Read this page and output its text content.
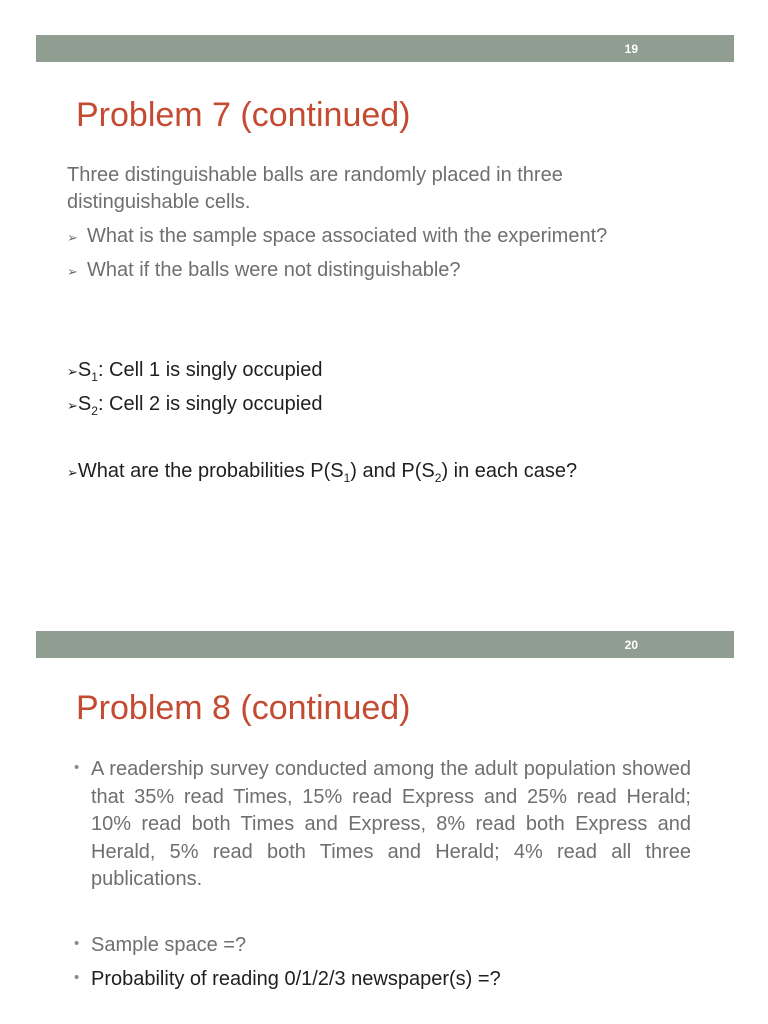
19
Problem 7 (continued)
Three distinguishable balls are randomly placed in three
distinguishable cells.
➢ What is the sample space associated with the experiment?
➢ What if the balls were not distinguishable?
$➢S_1$: Cell 1 is singly occupied
$➢S_2$: Cell 2 is singly occupied
➢What are the probabilities $P(S_1)$ and $P(S_2)$ in each case?
20
Problem 8 (continued)
• A readership survey conducted among the adult population showed that 35% read Times, 15% read Express and 25% read Herald; 10% read both Times and Express, 8% read both Express and Herald, 5% read both Times and Herald; 4% read all three publications.
• Sample space =?
• Probability of reading 0/1/2/3 newspaper(s) =?
